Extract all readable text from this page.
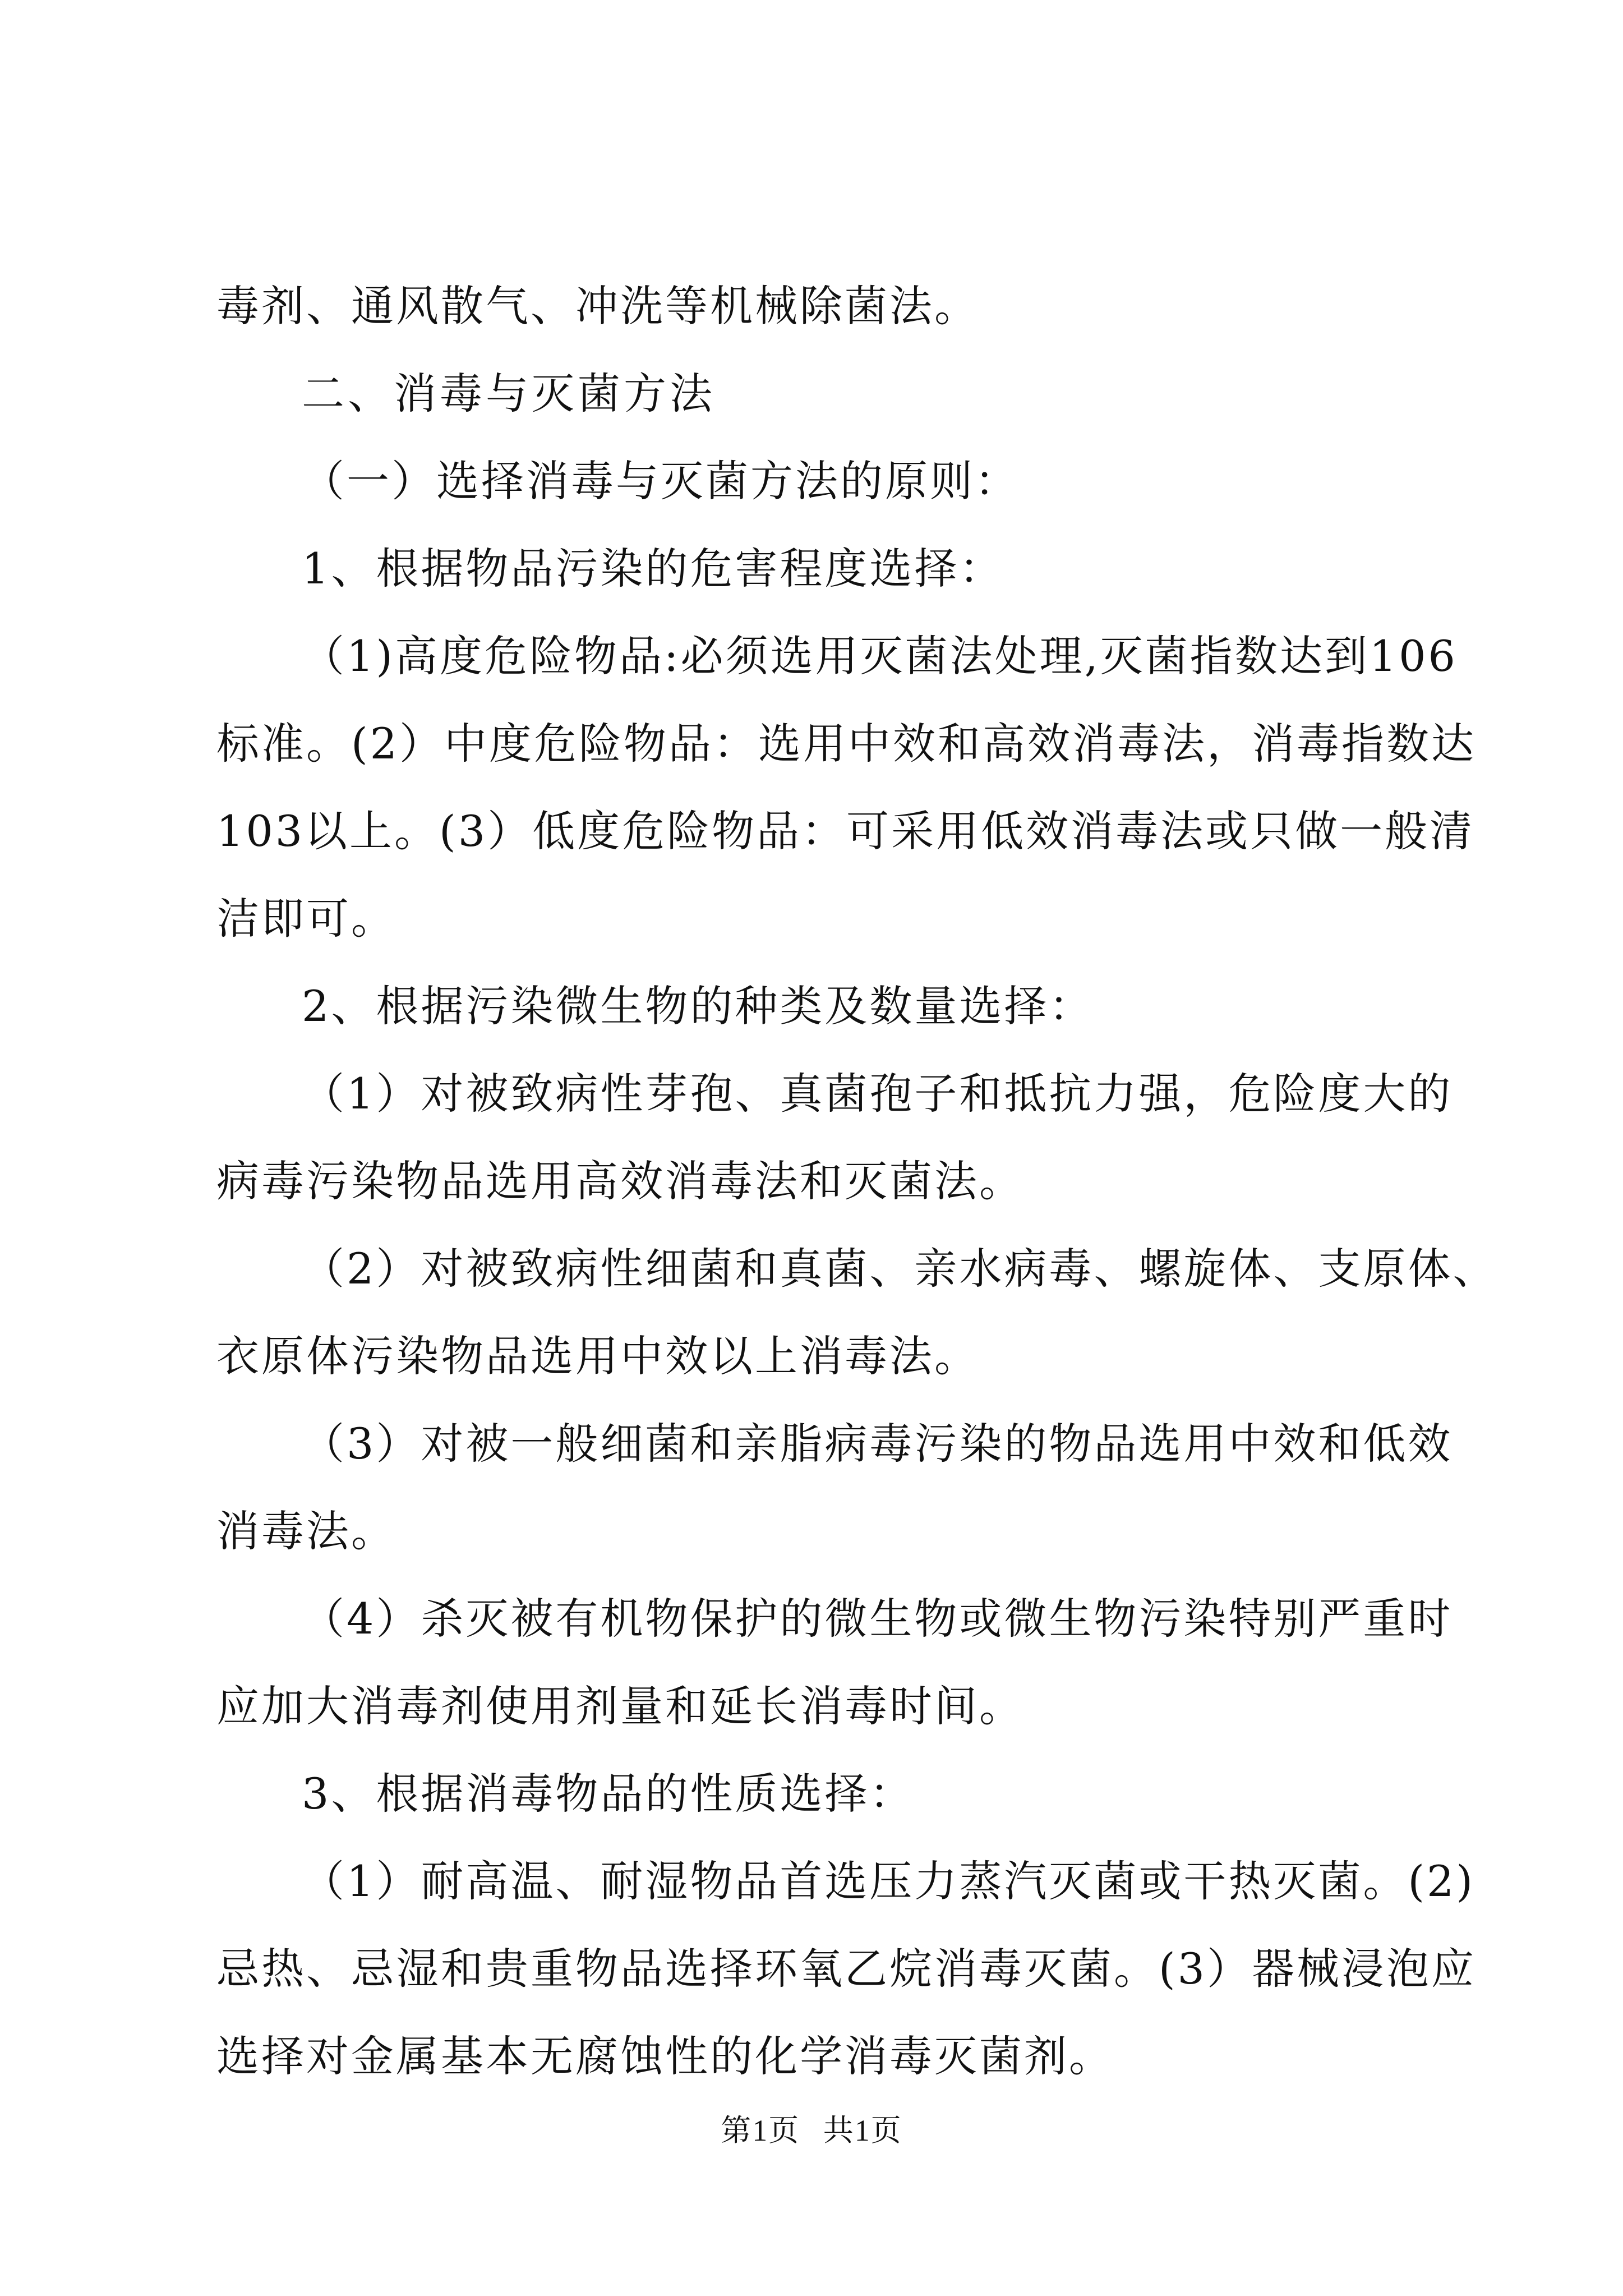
毒剂、通风散气、冲洗等机械除菌法。
二、消毒与灭菌方法
（一）选择消毒与灭菌方法的原则：
1、根据物品污染的危害程度选择：
（1)高度危险物品:必须选用灭菌法处理,灭菌指数达到106
标准。(2）中度危险物品：选用中效和高效消毒法，消毒指数达
103以上。(3）低度危险物品：可采用低效消毒法或只做一般清
洁即可。
2、根据污染微生物的种类及数量选择：
（1）对被致病性芽孢、真菌孢子和抵抗力强，危险度大的
病毒污染物品选用高效消毒法和灭菌法。
（2）对被致病性细菌和真菌、亲水病毒、螺旋体、支原体、
衣原体污染物品选用中效以上消毒法。
（3）对被一般细菌和亲脂病毒污染的物品选用中效和低效
消毒法。
（4）杀灭被有机物保护的微生物或微生物污染特别严重时
应加大消毒剂使用剂量和延长消毒时间。
3、根据消毒物品的性质选择：
（1）耐高温、耐湿物品首选压力蒸汽灭菌或干热灭菌。(2)
忌热、忌湿和贵重物品选择环氧乙烷消毒灭菌。(3）器械浸泡应
选择对金属基本无腐蚀性的化学消毒灭菌剂。
第1页 共1页
